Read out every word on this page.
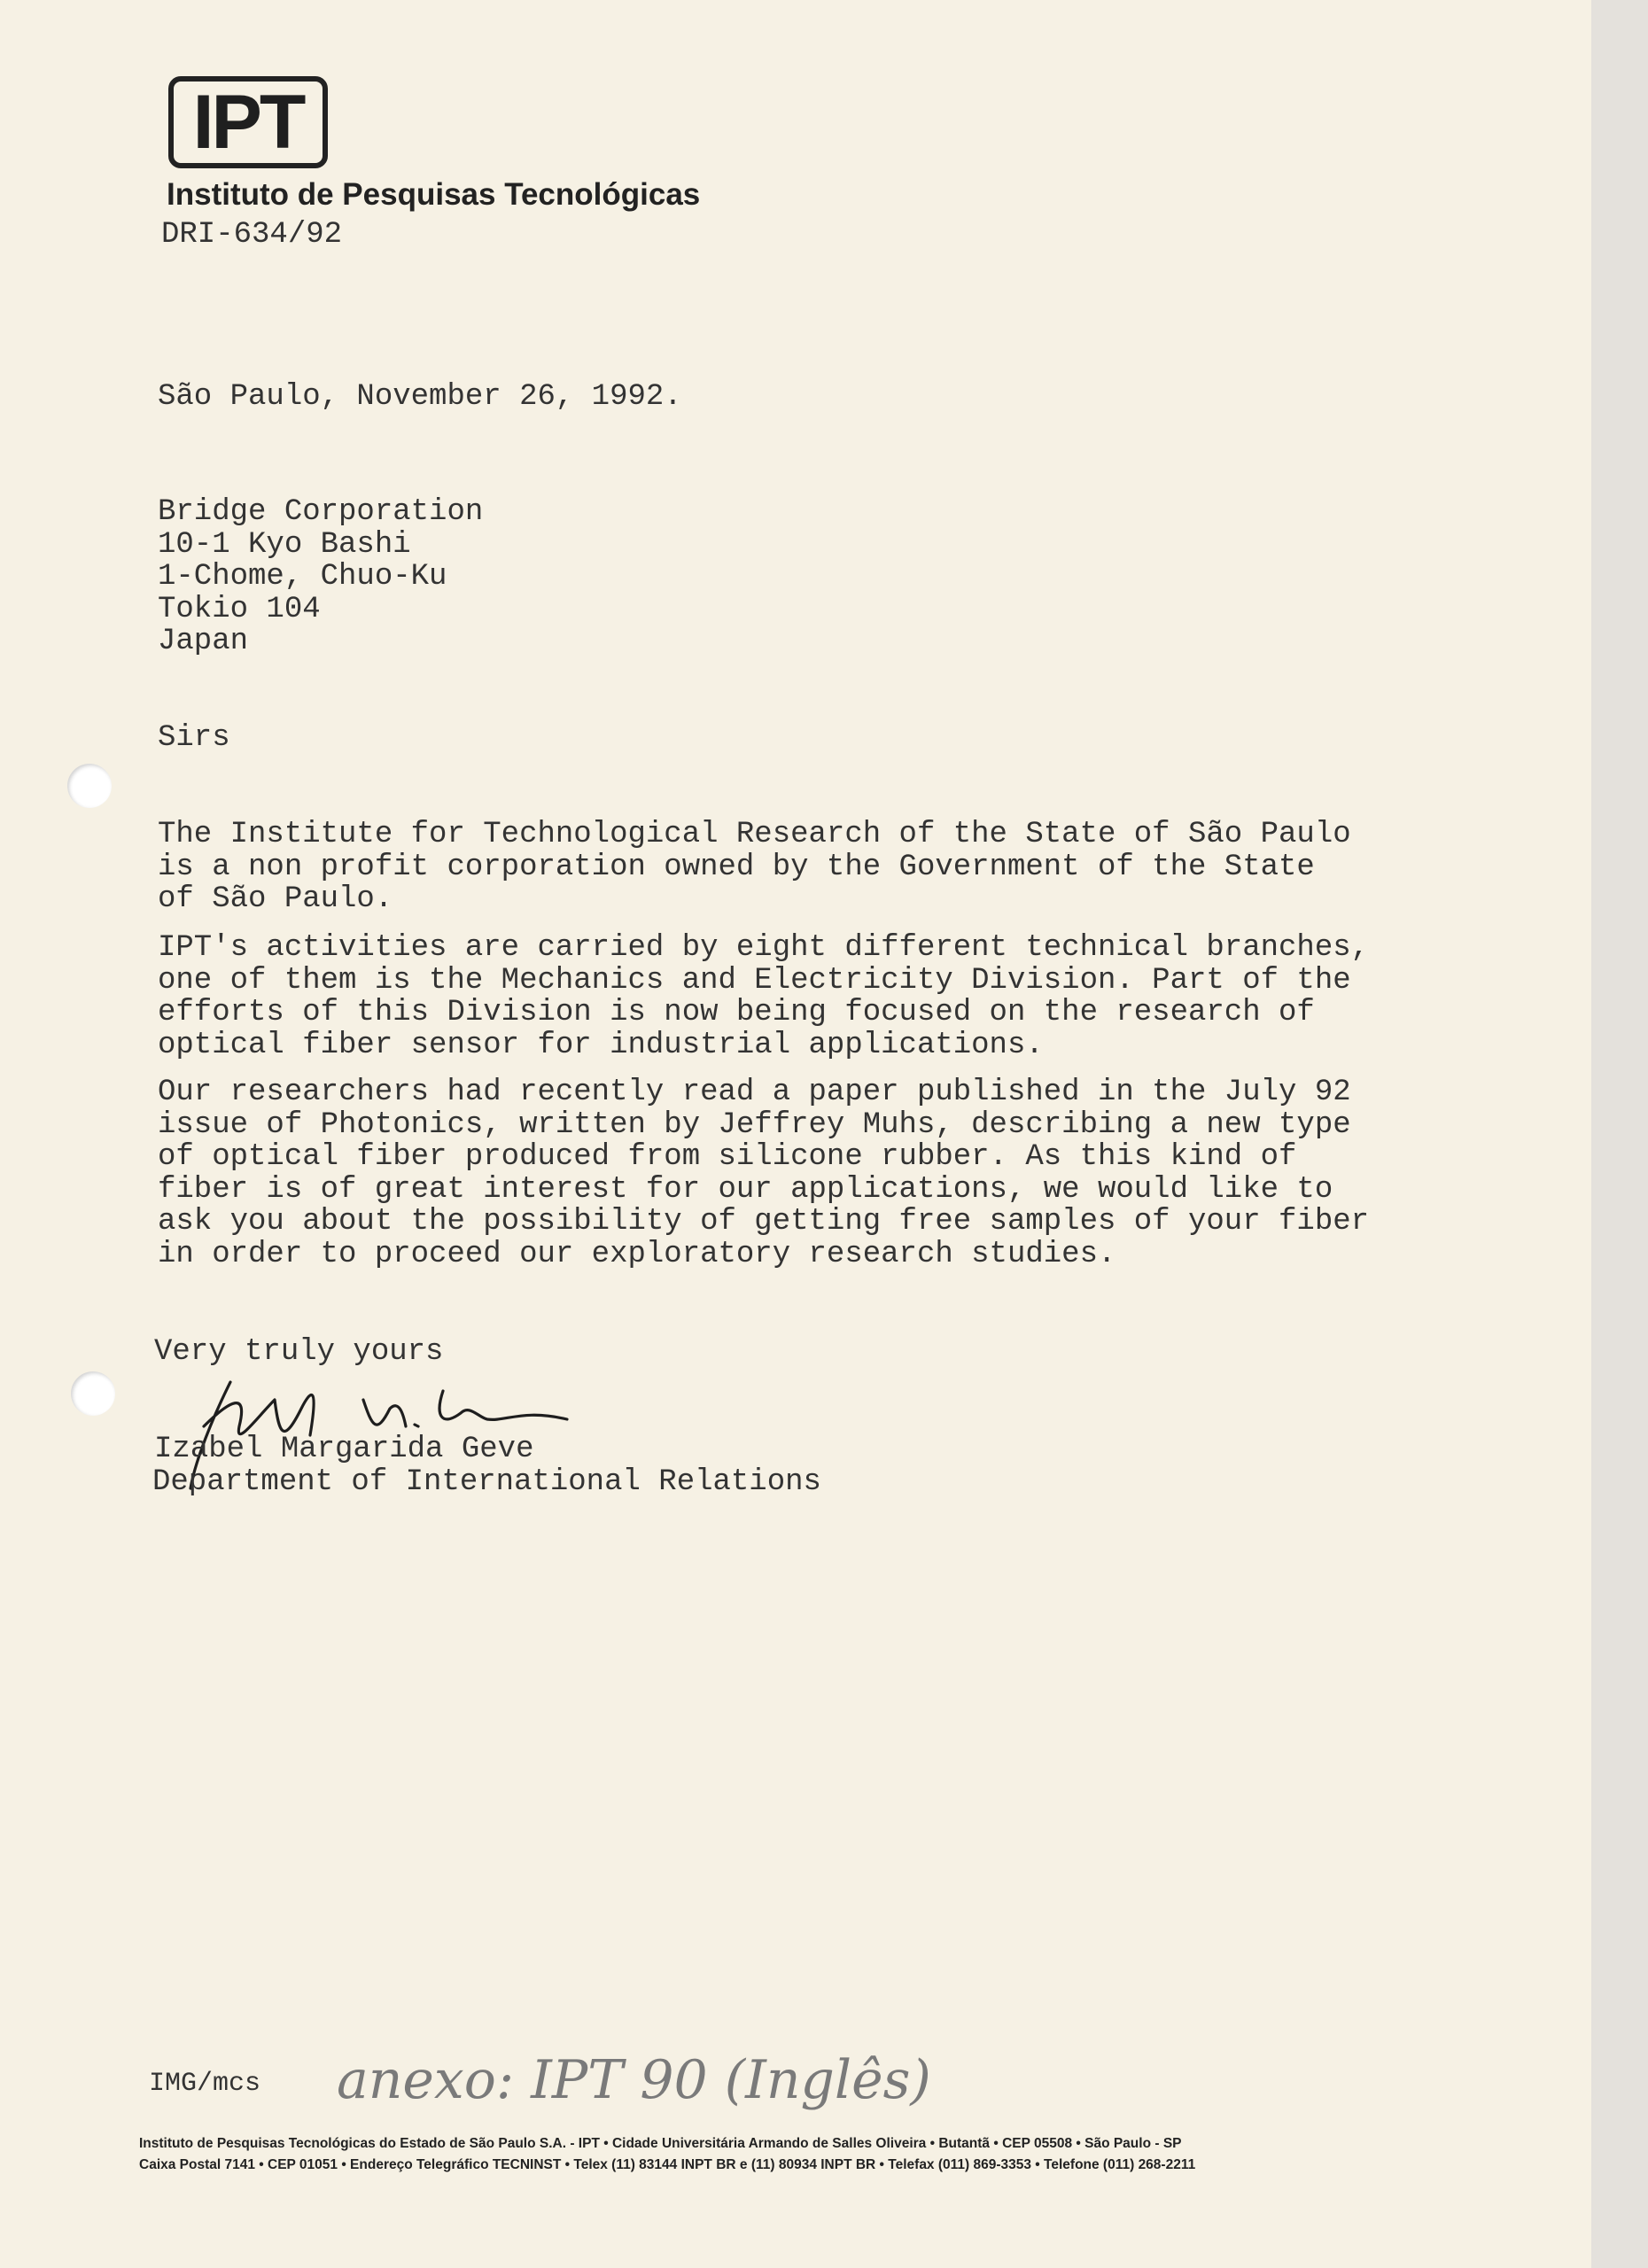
IPT
Instituto de Pesquisas Tecnológicas
DRI-634/92
São Paulo, November 26, 1992.
Bridge Corporation
10-1 Kyo Bashi
1-Chome, Chuo-Ku
Tokio 104
Japan
Sirs
The Institute for Technological Research of the State of São Paulo
is a non profit corporation owned by the Government of the State
of São Paulo.
IPT's activities are carried by eight different technical branches,
one of them is the Mechanics and Electricity Division. Part of the
efforts of this Division is now being focused on the research of
optical fiber sensor for industrial applications.
Our researchers had recently read a paper published in the July 92
issue of Photonics, written by Jeffrey Muhs, describing a new type
of optical fiber produced from silicone rubber. As this kind of
fiber is of great interest for our applications, we would like to
ask you about the possibility of getting free samples of your fiber
in order to proceed our exploratory research studies.
Very truly yours
Izabel Margarida Geve
Department of International Relations
IMG/mcs anexo: IPT 90 (Inglês)
Instituto de Pesquisas Tecnológicas do Estado de São Paulo S.A. - IPT • Cidade Universitária Armando de Salles Oliveira • Butantã • CEP 05508 • São Paulo - SP
Caixa Postal 7141 • CEP 01051 • Endereço Telegráfico TECNINST • Telex (11) 83144 INPT BR e (11) 80934 INPT BR • Telefax (011) 869-3353 • Telefone (011) 268-2211
